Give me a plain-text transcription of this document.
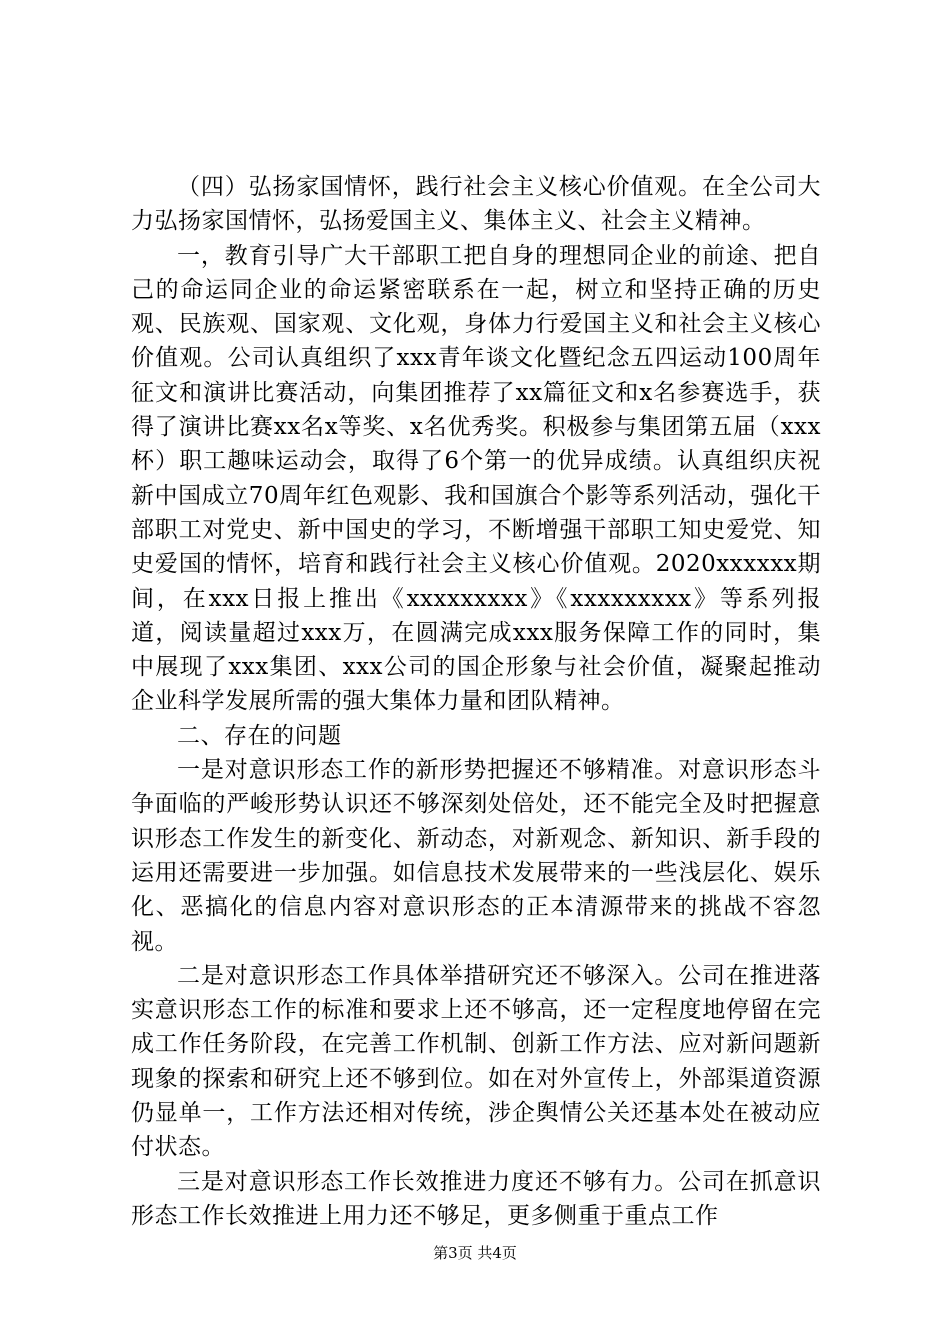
（四）弘扬家国情怀，践行社会主义核心价值观。在全公司大力弘扬家国情怀，弘扬爱国主义、集体主义、社会主义精神。

一，教育引导广大干部职工把自身的理想同企业的前途、把自己的命运同企业的命运紧密联系在一起，树立和坚持正确的历史观、民族观、国家观、文化观，身体力行爱国主义和社会主义核心价值观。公司认真组织了xxx青年谈文化暨纪念五四运动100周年征文和演讲比赛活动，向集团推荐了xx篇征文和x名参赛选手，获得了演讲比赛xx名x等奖、x名优秀奖。积极参与集团第五届（xxx杯）职工趣味运动会，取得了6个第一的优异成绩。认真组织庆祝新中国成立70周年红色观影、我和国旗合个影等系列活动，强化干部职工对党史、新中国史的学习，不断增强干部职工知史爱党、知史爱国的情怀，培育和践行社会主义核心价值观。2020xxxxxx期间，在xxx日报上推出《xxxxxxxxx》《xxxxxxxxx》等系列报道，阅读量超过xxx万，在圆满完成xxx服务保障工作的同时，集中展现了xxx集团、xxx公司的国企形象与社会价值，凝聚起推动企业科学发展所需的强大集体力量和团队精神。

二、存在的问题

一是对意识形态工作的新形势把握还不够精准。对意识形态斗争面临的严峻形势认识还不够深刻处倍处，还不能完全及时把握意识形态工作发生的新变化、新动态，对新观念、新知识、新手段的运用还需要进一步加强。如信息技术发展带来的一些浅层化、娱乐化、恶搞化的信息内容对意识形态的正本清源带来的挑战不容忽视。

二是对意识形态工作具体举措研究还不够深入。公司在推进落实意识形态工作的标准和要求上还不够高，还一定程度地停留在完成工作任务阶段，在完善工作机制、创新工作方法、应对新问题新现象的探索和研究上还不够到位。如在对外宣传上，外部渠道资源仍显单一，工作方法还相对传统，涉企舆情公关还基本处在被动应付状态。

三是对意识形态工作长效推进力度还不够有力。公司在抓意识形态工作长效推进上用力还不够足，更多侧重于重点工作

第3页 共4页
